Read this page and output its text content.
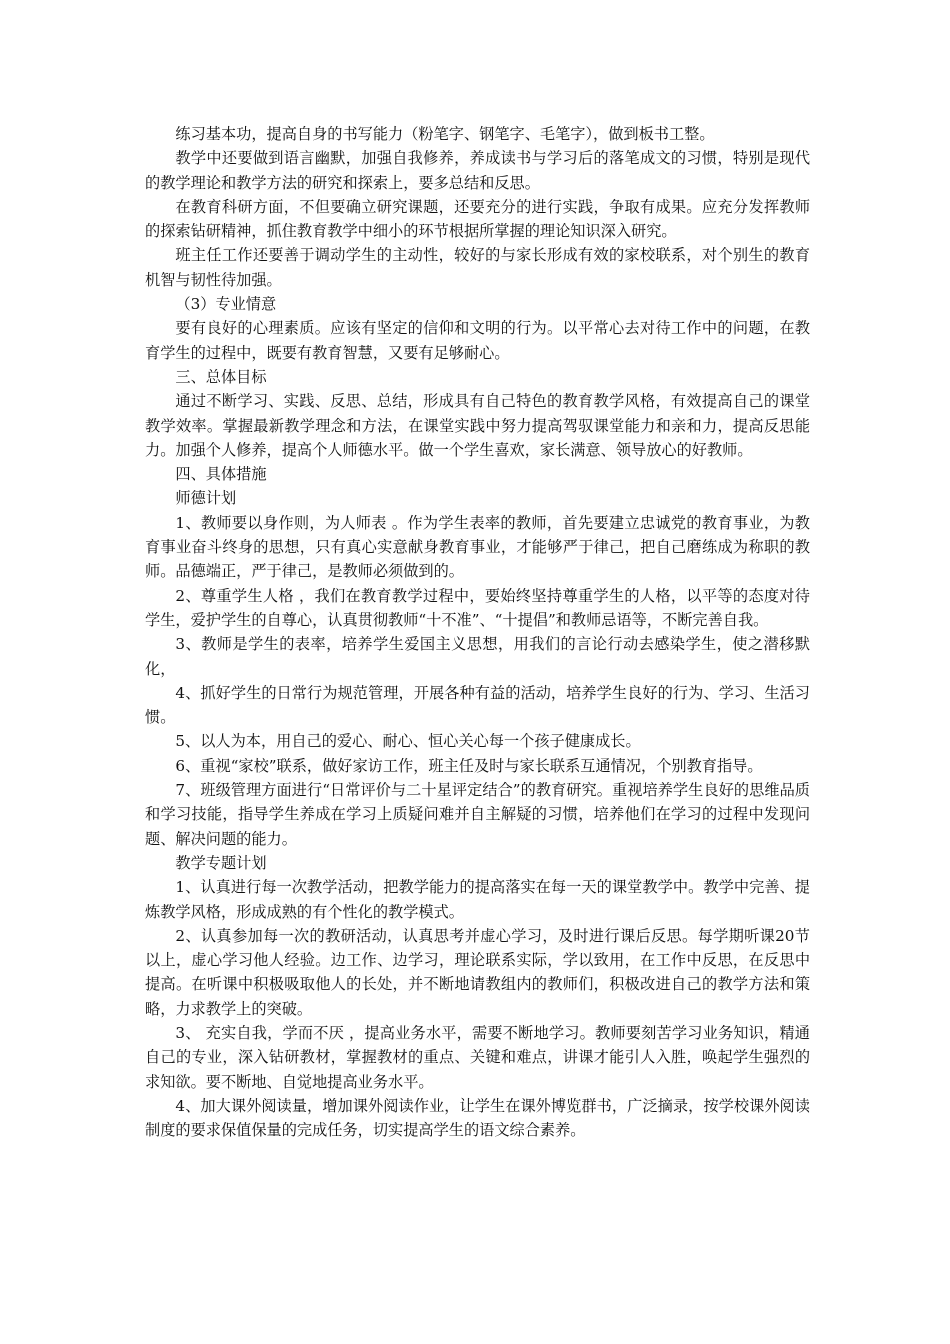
练习基本功，提高自身的书写能力（粉笔字、钢笔字、毛笔字），做到板书工整。

教学中还要做到语言幽默，加强自我修养，养成读书与学习后的落笔成文的习惯，特别是现代的教学理论和教学方法的研究和探索上，要多总结和反思。

在教育科研方面，不但要确立研究课题，还要充分的进行实践，争取有成果。应充分发挥教师的探索钻研精神，抓住教育教学中细小的环节根据所掌握的理论知识深入研究。

班主任工作还要善于调动学生的主动性，较好的与家长形成有效的家校联系，对个别生的教育机智与韧性待加强。

（3）专业情意

要有良好的心理素质。应该有坚定的信仰和文明的行为。以平常心去对待工作中的问题，在教育学生的过程中，既要有教育智慧，又要有足够耐心。

三、总体目标

通过不断学习、实践、反思、总结，形成具有自己特色的教育教学风格，有效提高自己的课堂教学效率。掌握最新教学理念和方法，在课堂实践中努力提高驾驭课堂能力和亲和力，提高反思能力。加强个人修养，提高个人师德水平。做一个学生喜欢，家长满意、领导放心的好教师。

四、具体措施

师德计划

1、教师要以身作则，为人师表 。作为学生表率的教师，首先要建立忠诚党的教育事业，为教育事业奋斗终身的思想，只有真心实意献身教育事业，才能够严于律己，把自己磨练成为称职的教师。品德端正，严于律己，是教师必须做到的。

2、尊重学生人格 ，我们在教育教学过程中，要始终坚持尊重学生的人格，以平等的态度对待学生，爱护学生的自尊心，认真贯彻教师“十不准”、“十提倡”和教师忌语等，不断完善自我。

3、教师是学生的表率，培养学生爱国主义思想，用我们的言论行动去感染学生，使之潜移默化，

4、抓好学生的日常行为规范管理，开展各种有益的活动，培养学生良好的行为、学习、生活习惯。

5、以人为本，用自己的爱心、耐心、恒心关心每一个孩子健康成长。

6、重视“家校”联系，做好家访工作，班主任及时与家长联系互通情况，个别教育指导。

7、班级管理方面进行“日常评价与二十星评定结合”的教育研究。重视培养学生良好的思维品质和学习技能，指导学生养成在学习上质疑问难并自主解疑的习惯，培养他们在学习的过程中发现问题、解决问题的能力。

教学专题计划

1、认真进行每一次教学活动，把教学能力的提高落实在每一天的课堂教学中。教学中完善、提炼教学风格，形成成熟的有个性化的教学模式。

2、认真参加每一次的教研活动，认真思考并虚心学习，及时进行课后反思。每学期听课20节以上，虚心学习他人经验。边工作、边学习，理论联系实际，学以致用，在工作中反思，在反思中提高。在听课中积极吸取他人的长处，并不断地请教组内的教师们，积极改进自己的教学方法和策略，力求教学上的突破。

3、 充实自我，学而不厌 ，提高业务水平，需要不断地学习。教师要刻苦学习业务知识，精通自己的专业，深入钻研教材，掌握教材的重点、关键和难点，讲课才能引人入胜，唤起学生强烈的求知欲。要不断地、自觉地提高业务水平。

4、加大课外阅读量，增加课外阅读作业，让学生在课外博览群书，广泛摘录，按学校课外阅读制度的要求保值保量的完成任务，切实提高学生的语文综合素养。
